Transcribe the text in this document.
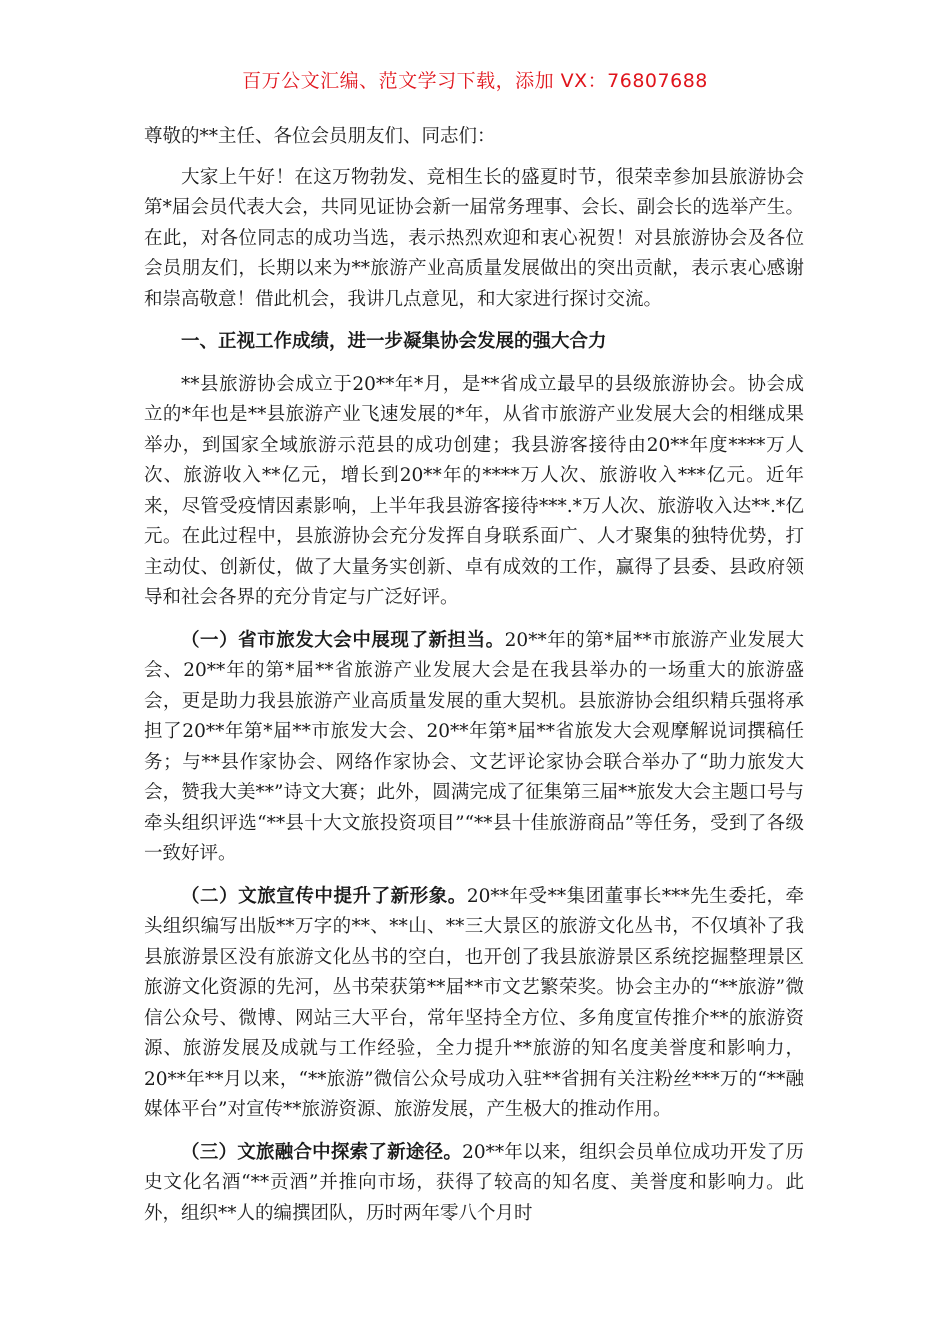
百万公文汇编、范文学习下载，添加 VX：76807688

尊敬的**主任、各位会员朋友们、同志们：

大家上午好！在这万物勃发、竞相生长的盛夏时节，很荣幸参加县旅游协会第*届会员代表大会，共同见证协会新一届常务理事、会长、副会长的选举产生。在此，对各位同志的成功当选，表示热烈欢迎和衷心祝贺！对县旅游协会及各位会员朋友们，长期以来为**旅游产业高质量发展做出的突出贡献，表示衷心感谢和崇高敬意！借此机会，我讲几点意见，和大家进行探讨交流。

一、正视工作成绩，进一步凝集协会发展的强大合力

**县旅游协会成立于20**年*月，是**省成立最早的县级旅游协会。协会成立的*年也是**县旅游产业飞速发展的*年，从省市旅游产业发展大会的相继成果举办，到国家全域旅游示范县的成功创建；我县游客接待由20**年度****万人次、旅游收入**亿元，增长到20**年的****万人次、旅游收入***亿元。近年来，尽管受疫情因素影响，上半年我县游客接待***.*万人次、旅游收入达**.*亿元。在此过程中，县旅游协会充分发挥自身联系面广、人才聚集的独特优势，打主动仗、创新仗，做了大量务实创新、卓有成效的工作，赢得了县委、县政府领导和社会各界的充分肯定与广泛好评。

（一）省市旅发大会中展现了新担当。20**年的第*届**市旅游产业发展大会、20**年的第*届**省旅游产业发展大会是在我县举办的一场重大的旅游盛会，更是助力我县旅游产业高质量发展的重大契机。县旅游协会组织精兵强将承担了20**年第*届**市旅发大会、20**年第*届**省旅发大会观摩解说词撰稿任务；与**县作家协会、网络作家协会、文艺评论家协会联合举办了“助力旅发大会，赞我大美**”诗文大赛；此外，圆满完成了征集第三届**旅发大会主题口号与牵头组织评选“**县十大文旅投资项目”“**县十佳旅游商品”等任务，受到了各级一致好评。

（二）文旅宣传中提升了新形象。20**年受**集团董事长***先生委托，牵头组织编写出版**万字的**、**山、**三大景区的旅游文化丛书，不仅填补了我县旅游景区没有旅游文化丛书的空白，也开创了我县旅游景区系统挖掘整理景区旅游文化资源的先河，丛书荣获第**届**市文艺繁荣奖。协会主办的“**旅游”微信公众号、微博、网站三大平台，常年坚持全方位、多角度宣传推介**的旅游资源、旅游发展及成就与工作经验，全力提升**旅游的知名度美誉度和影响力，20**年**月以来，“**旅游”微信公众号成功入驻**省拥有关注粉丝***万的“**融媒体平台”对宣传**旅游资源、旅游发展，产生极大的推动作用。

（三）文旅融合中探索了新途径。20**年以来，组织会员单位成功开发了历史文化名酒“**贡酒”并推向市场，获得了较高的知名度、美誉度和影响力。此外，组织**人的编撰团队，历时两年零八个月时
